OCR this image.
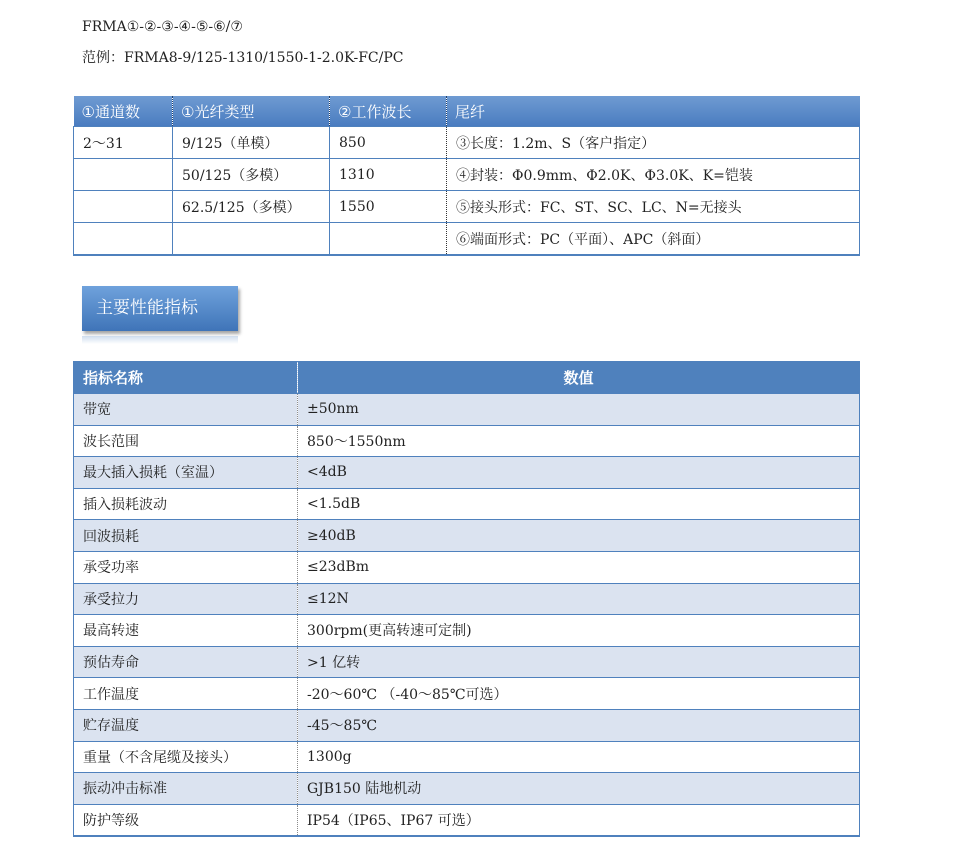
FRMA①-②-③-④-⑤-⑥/⑦
范例：FRMA8-9/125-1310/1550-1-2.0K-FC/PC
①通道数	①光纤类型	②工作波长	尾纤
2～31	9/125（单模）	850	③长度：1.2m、S（客户指定）
	50/125（多模）	1310	④封装：Φ0.9mm、Φ2.0K、Φ3.0K、K=铠装
	62.5/125（多模）	1550	⑤接头形式：FC、ST、SC、LC、N=无接头
			⑥端面形式：PC（平面）、APC（斜面）
主要性能指标
指标名称	数值
带宽	±50nm
波长范围	850～1550nm
最大插入损耗（室温）	<4dB
插入损耗波动	<1.5dB
回波损耗	≥40dB
承受功率	≤23dBm
承受拉力	≤12N
最高转速	300rpm(更高转速可定制)
预估寿命	>1 亿转
工作温度	-20～60℃ （-40～85℃可选）
贮存温度	-45～85℃
重量（不含尾缆及接头）	1300g
振动冲击标准	GJB150 陆地机动
防护等级	IP54（IP65、IP67 可选）
